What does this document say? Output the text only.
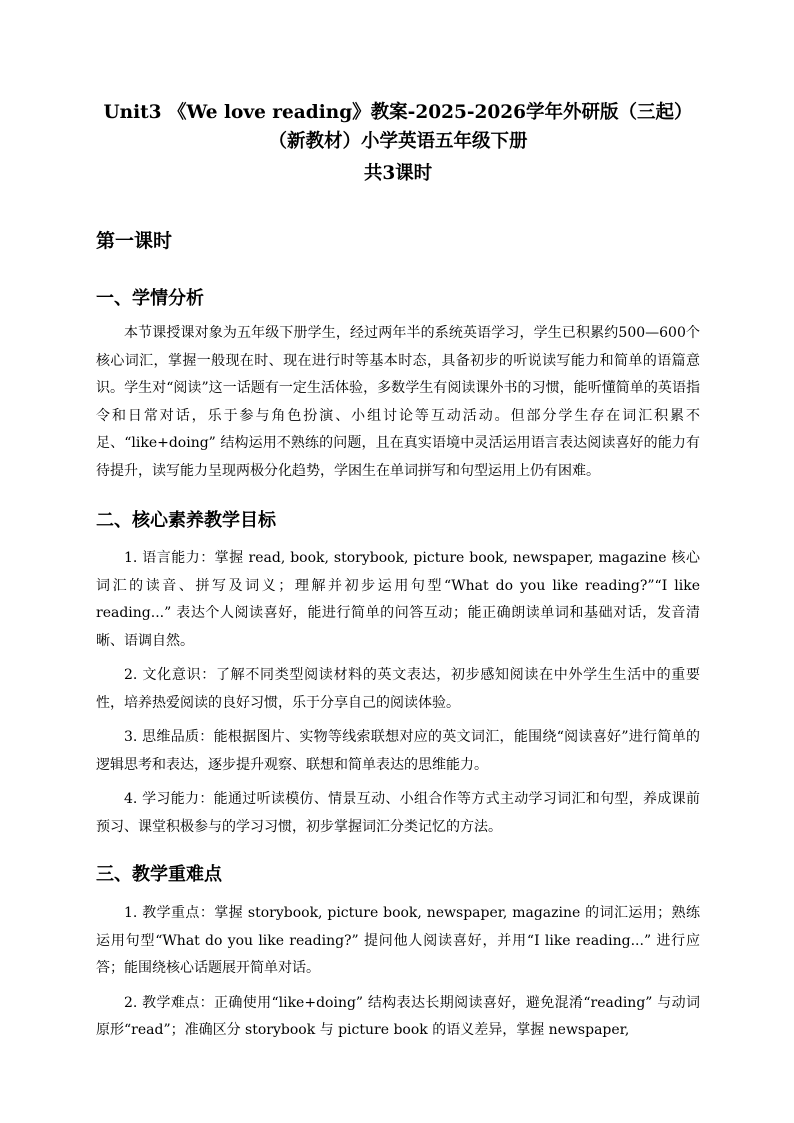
Unit3 《We love reading》教案-2025-2026学年外研版（三起）（新教材）小学英语五年级下册
共3课时
第一课时
一、学情分析

本节课授课对象为五年级下册学生，经过两年半的系统英语学习，学生已积累约500—600个核心词汇，掌握一般现在时、现在进行时等基本时态，具备初步的听说读写能力和简单的语篇意识。学生对“阅读”这一话题有一定生活体验，多数学生有阅读课外书的习惯，能听懂简单的英语指令和日常对话，乐于参与角色扮演、小组讨论等互动活动。但部分学生存在词汇积累不足、“like+doing” 结构运用不熟练的问题，且在真实语境中灵活运用语言表达阅读喜好的能力有待提升，读写能力呈现两极分化趋势，学困生在单词拼写和句型运用上仍有困难。

二、核心素养教学目标

1. 语言能力：掌握 read, book, storybook, picture book, newspaper, magazine 核心词汇的读音、拼写及词义；理解并初步运用句型“What do you like reading?”“I like reading...” 表达个人阅读喜好，能进行简单的问答互动；能正确朗读单词和基础对话，发音清晰、语调自然。

2. 文化意识：了解不同类型阅读材料的英文表达，初步感知阅读在中外学生生活中的重要性，培养热爱阅读的良好习惯，乐于分享自己的阅读体验。

3. 思维品质：能根据图片、实物等线索联想对应的英文词汇，能围绕“阅读喜好”进行简单的逻辑思考和表达，逐步提升观察、联想和简单表达的思维能力。

4. 学习能力：能通过听读模仿、情景互动、小组合作等方式主动学习词汇和句型，养成课前预习、课堂积极参与的学习习惯，初步掌握词汇分类记忆的方法。

三、教学重难点

1. 教学重点：掌握 storybook, picture book, newspaper, magazine 的词汇运用；熟练运用句型“What do you like reading?” 提问他人阅读喜好，并用“I like reading...” 进行应答；能围绕核心话题展开简单对话。

2. 教学难点：正确使用“like+doing” 结构表达长期阅读喜好，避免混淆“reading” 与动词原形“read”；准确区分 storybook 与 picture book 的语义差异，掌握 newspaper,
